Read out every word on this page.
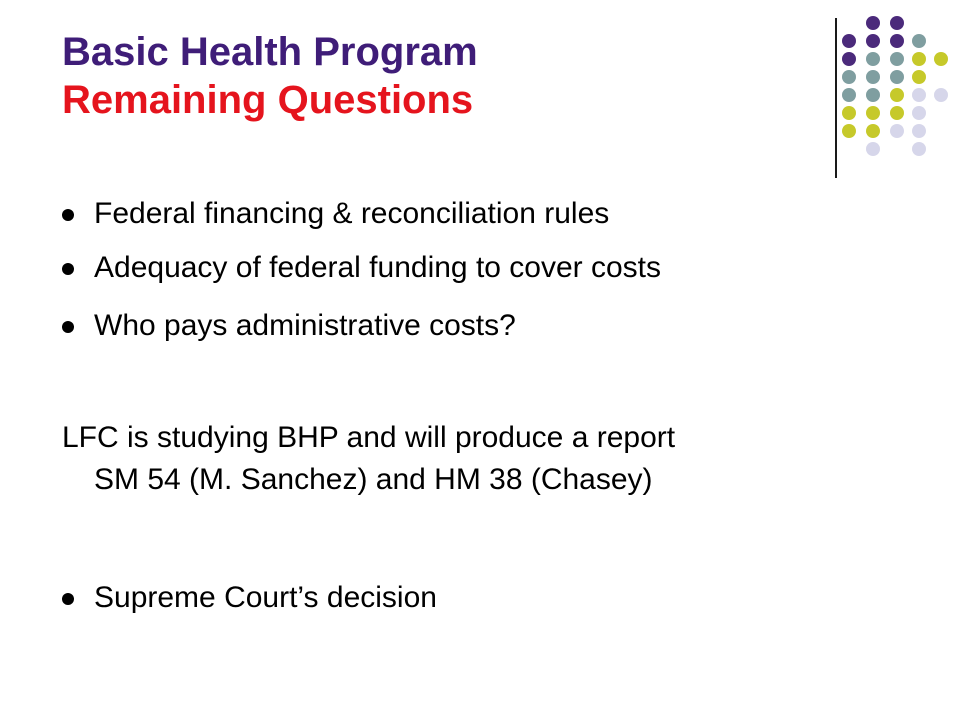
Basic Health Program
Remaining Questions
Federal financing & reconciliation rules
Adequacy of federal funding to cover costs
Who pays administrative costs?
LFC is studying BHP and will produce a report
SM 54 (M. Sanchez) and HM 38 (Chasey)
Supreme Court’s decision
